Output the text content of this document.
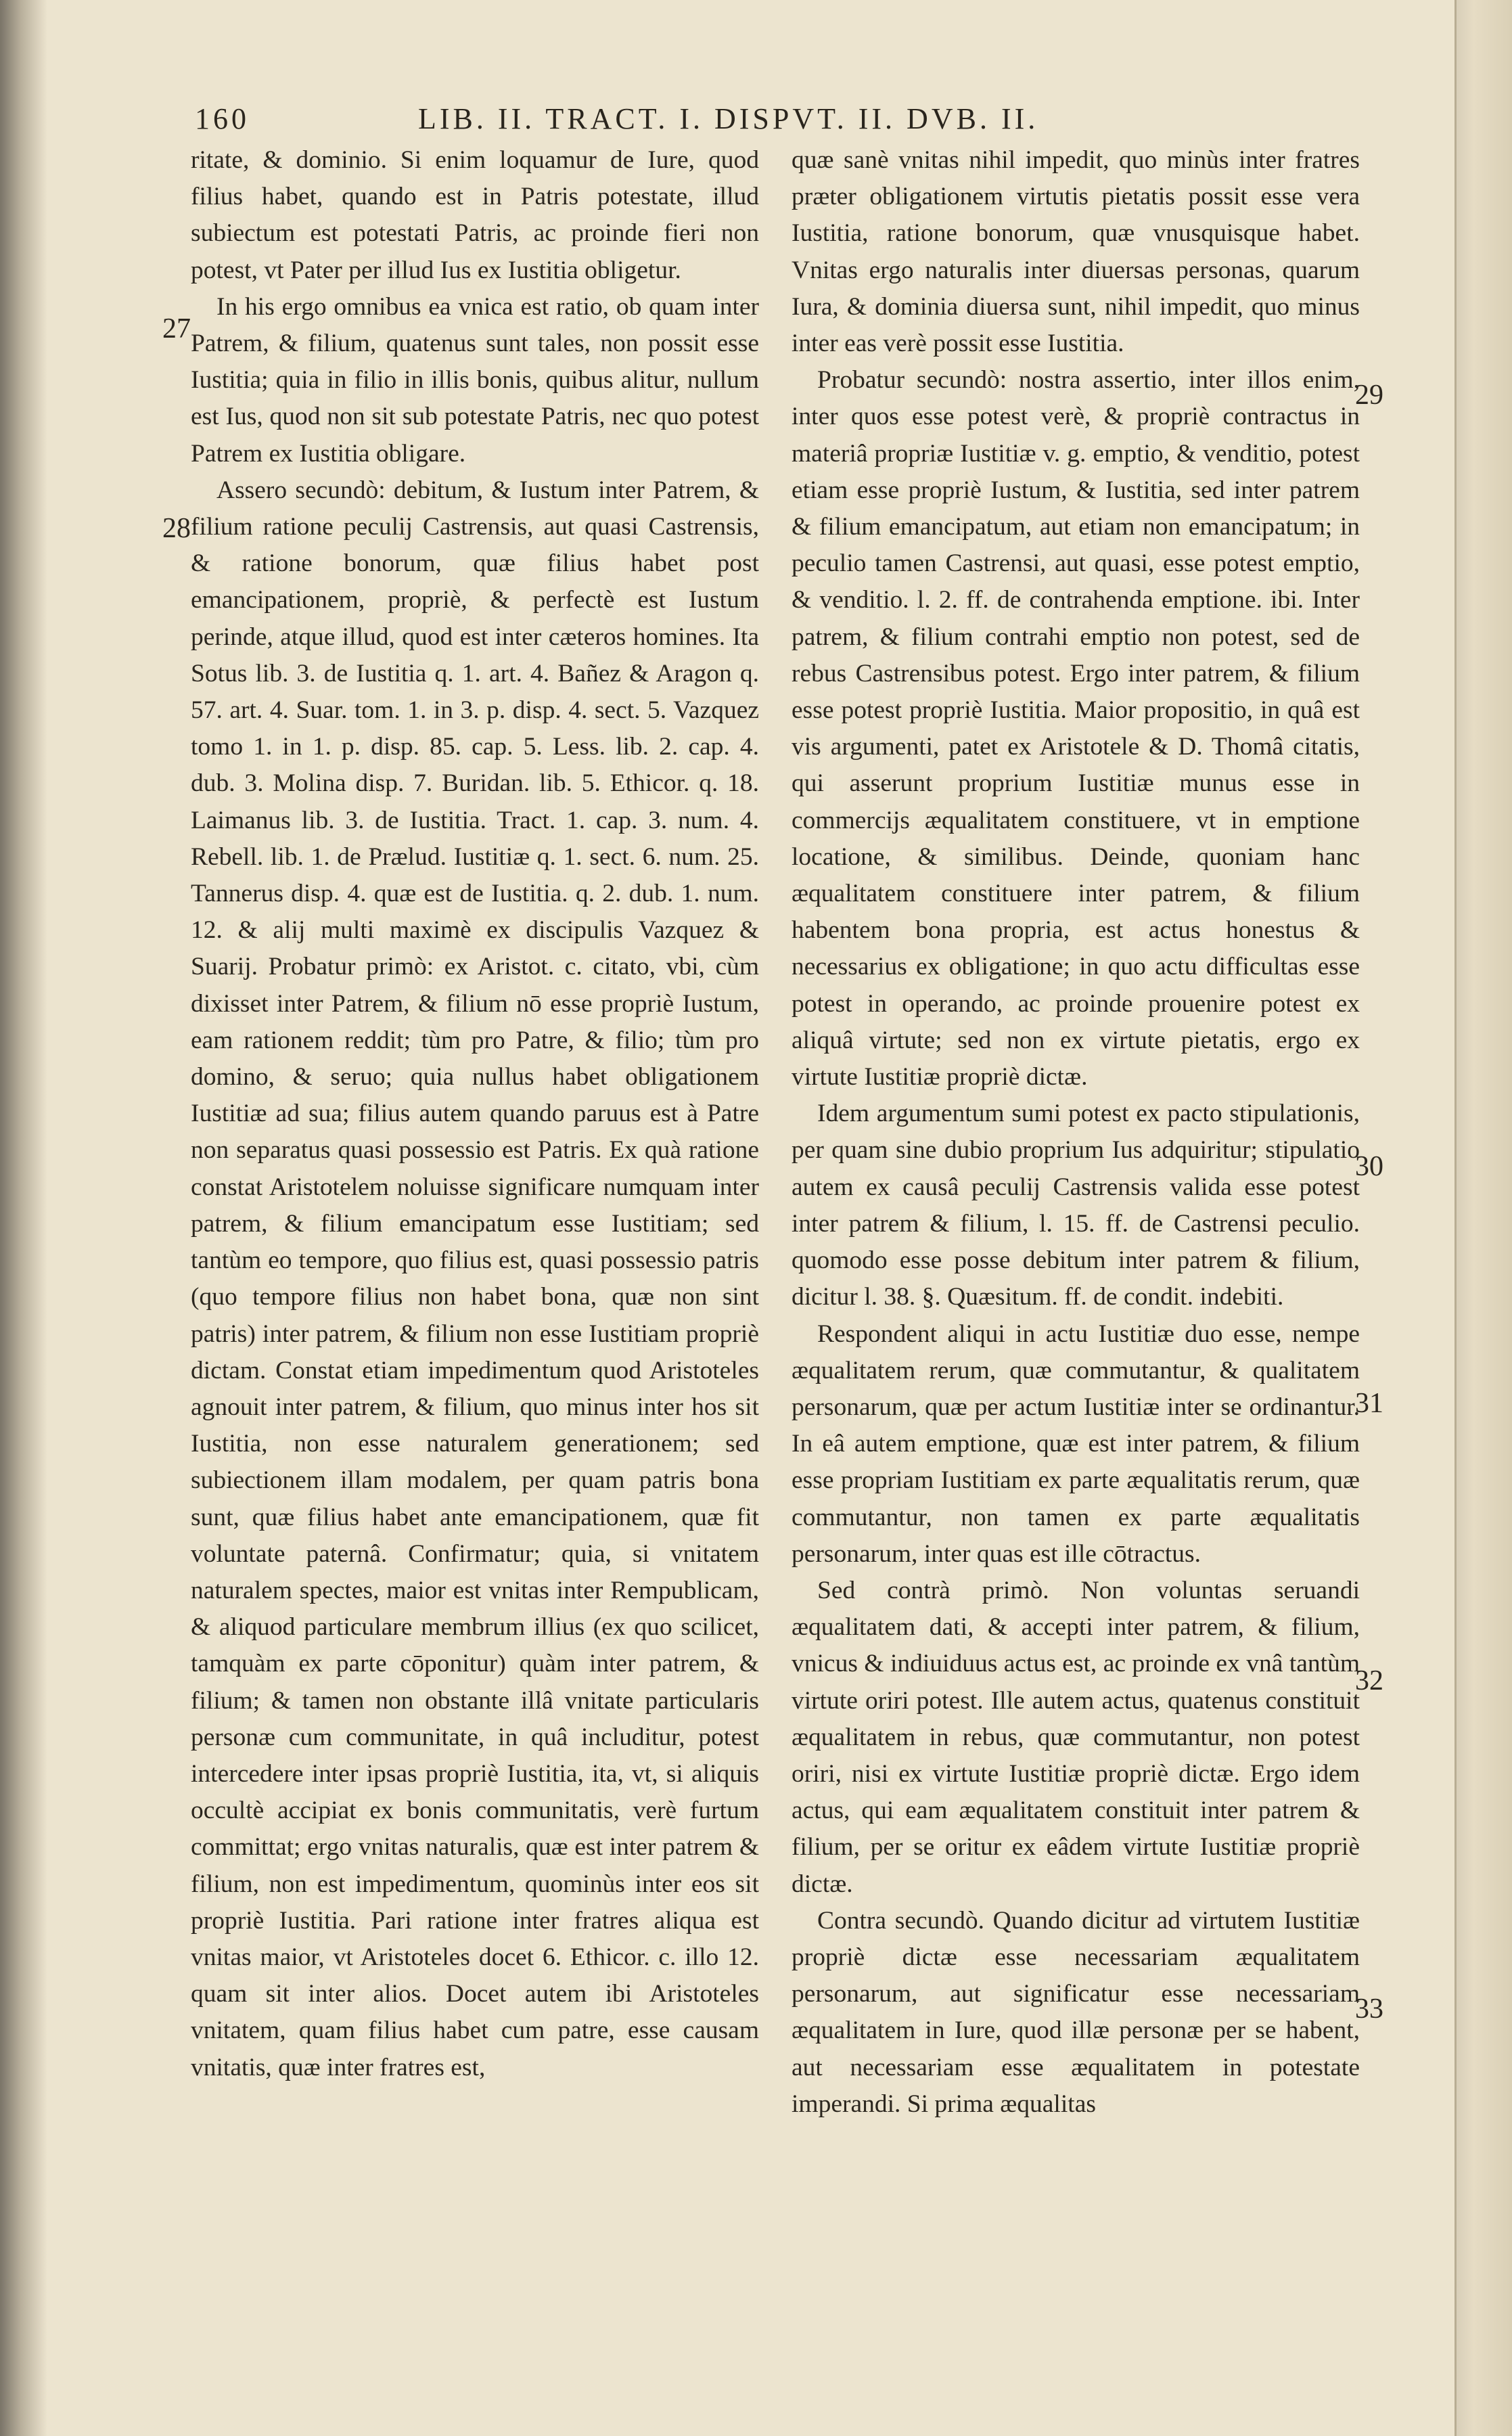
160	LIB. II. TRACT. I. DISPVT. II. DVB. II.

ritate, & dominio. Si enim loquamur de Iure, quod filius habet, quando est in Patris potestate, illud subiectum est potestati Patris, ac proinde fieri non potest, vt Pater per illud Ius ex Iustitia obligetur.

In his ergo omnibus ea vnica est ratio, ob quam inter Patrem, & filium, quatenus sunt tales, non possit esse Iustitia; quia in filio in illis bonis, quibus alitur, nullum est Ius, quod non sit sub potestate Patris, nec quo potest Patrem ex Iustitia obligare.

Assero secundò: debitum, & Iustum inter Patrem, & filium ratione peculij Castrensis, aut quasi Castrensis, & ratione bonorum, quæ filius habet post emancipationem, propriè, & perfectè est Iustum perinde, atque illud, quod est inter cæteros homines. Ita Sotus lib. 3. de Iustitia q. 1. art. 4. Bañez & Aragon q. 57. art. 4. Suar. tom. 1. in 3. p. disp. 4. sect. 5. Vazquez tomo 1. in 1. p. disp. 85. cap. 5. Less. lib. 2. cap. 4. dub. 3. Molina disp. 7. Buridan. lib. 5. Ethicor. q. 18. Laimanus lib. 3. de Iustitia. Tract. 1. cap. 3. num. 4. Rebell. lib. 1. de Prælud. Iustitiæ q. 1. sect. 6. num. 25. Tannerus disp. 4. quæ est de Iustitia. q. 2. dub. 1. num. 12. & alij multi maximè ex discipulis Vazquez & Suarij. Probatur primò: ex Aristot. c. citato, vbi, cùm dixisset inter Patrem, & filium nō esse propriè Iustum, eam rationem reddit; tùm pro Patre, & filio; tùm pro domino, & seruo; quia nullus habet obligationem Iustitiæ ad sua; filius autem quando paruus est à Patre non separatus quasi possessio est Patris. Ex quà ratione constat Aristotelem noluisse significare numquam inter patrem, & filium emancipatum esse Iustitiam; sed tantùm eo tempore, quo filius est, quasi possessio patris (quo tempore filius non habet bona, quæ non sint patris) inter patrem, & filium non esse Iustitiam propriè dictam. Constat etiam impedimentum quod Aristoteles agnouit inter patrem, & filium, quo minus inter hos sit Iustitia, non esse naturalem generationem; sed subiectionem illam modalem, per quam patris bona sunt, quæ filius habet ante emancipationem, quæ fit voluntate paternâ. Confirmatur; quia, si vnitatem naturalem spectes, maior est vnitas inter Rempublicam, & aliquod particulare membrum illius (ex quo scilicet, tamquàm ex parte cōponitur) quàm inter patrem, & filium; & tamen non obstante illâ vnitate particularis personæ cum communitate, in quâ includitur, potest intercedere inter ipsas propriè Iustitia, ita, vt, si aliquis occultè accipiat ex bonis communitatis, verè furtum committat; ergo vnitas naturalis, quæ est inter patrem & filium, non est impedimentum, quominùs inter eos sit propriè Iustitia. Pari ratione inter fratres aliqua est vnitas maior, vt Aristoteles docet 6. Ethicor. c. illo 12. quam sit inter alios. Docet autem ibi Aristoteles vnitatem, quam filius habet cum patre, esse causam vnitatis, quæ inter fratres est,

quæ sanè vnitas nihil impedit, quo minùs inter fratres præter obligationem virtutis pietatis possit esse vera Iustitia, ratione bonorum, quæ vnusquisque habet. Vnitas ergo naturalis inter diuersas personas, quarum Iura, & dominia diuersa sunt, nihil impedit, quo minus inter eas verè possit esse Iustitia.

Probatur secundò: nostra assertio, inter illos enim, inter quos esse potest verè, & propriè contractus in materiâ propriæ Iustitiæ v. g. emptio, & venditio, potest etiam esse propriè Iustum, & Iustitia, sed inter patrem & filium emancipatum, aut etiam non emancipatum; in peculio tamen Castrensi, aut quasi, esse potest emptio, & venditio. l. 2. ff. de contrahenda emptione. ibi. Inter patrem, & filium contrahi emptio non potest, sed de rebus Castrensibus potest. Ergo inter patrem, & filium esse potest propriè Iustitia. Maior propositio, in quâ est vis argumenti, patet ex Aristotele & D. Thomâ citatis, qui asserunt proprium Iustitiæ munus esse in commercijs æqualitatem constituere, vt in emptione locatione, & similibus. Deinde, quoniam hanc æqualitatem constituere inter patrem, & filium habentem bona propria, est actus honestus & necessarius ex obligatione; in quo actu difficultas esse potest in operando, ac proinde prouenire potest ex aliquâ virtute; sed non ex virtute pietatis, ergo ex virtute Iustitiæ propriè dictæ.

Idem argumentum sumi potest ex pacto stipulationis, per quam sine dubio proprium Ius adquiritur; stipulatio autem ex causâ peculij Castrensis valida esse potest inter patrem & filium, l. 15. ff. de Castrensi peculio. quomodo esse posse debitum inter patrem & filium, dicitur l. 38. §. Quæsitum. ff. de condit. indebiti.

Respondent aliqui in actu Iustitiæ duo esse, nempe æqualitatem rerum, quæ commutantur, & qualitatem personarum, quæ per actum Iustitiæ inter se ordinantur. In eâ autem emptione, quæ est inter patrem, & filium esse propriam Iustitiam ex parte æqualitatis rerum, quæ commutantur, non tamen ex parte æqualitatis personarum, inter quas est ille cōtractus.

Sed contrà primò. Non voluntas seruandi æqualitatem dati, & accepti inter patrem, & filium, vnicus & indiuiduus actus est, ac proinde ex vnâ tantùm virtute oriri potest. Ille autem actus, quatenus constituit æqualitatem in rebus, quæ commutantur, non potest oriri, nisi ex virtute Iustitiæ propriè dictæ. Ergo idem actus, qui eam æqualitatem constituit inter patrem & filium, per se oritur ex eâdem virtute Iustitiæ propriè dictæ.

Contra secundò. Quando dicitur ad virtutem Iustitiæ propriè dictæ esse necessariam æqualitatem personarum, aut significatur esse necessariam æqualitatem in Iure, quod illæ personæ per se habent, aut necessariam esse æqualitatem in potestate imperandi. Si prima æqualitas

27
28
29
30
31
32
33
